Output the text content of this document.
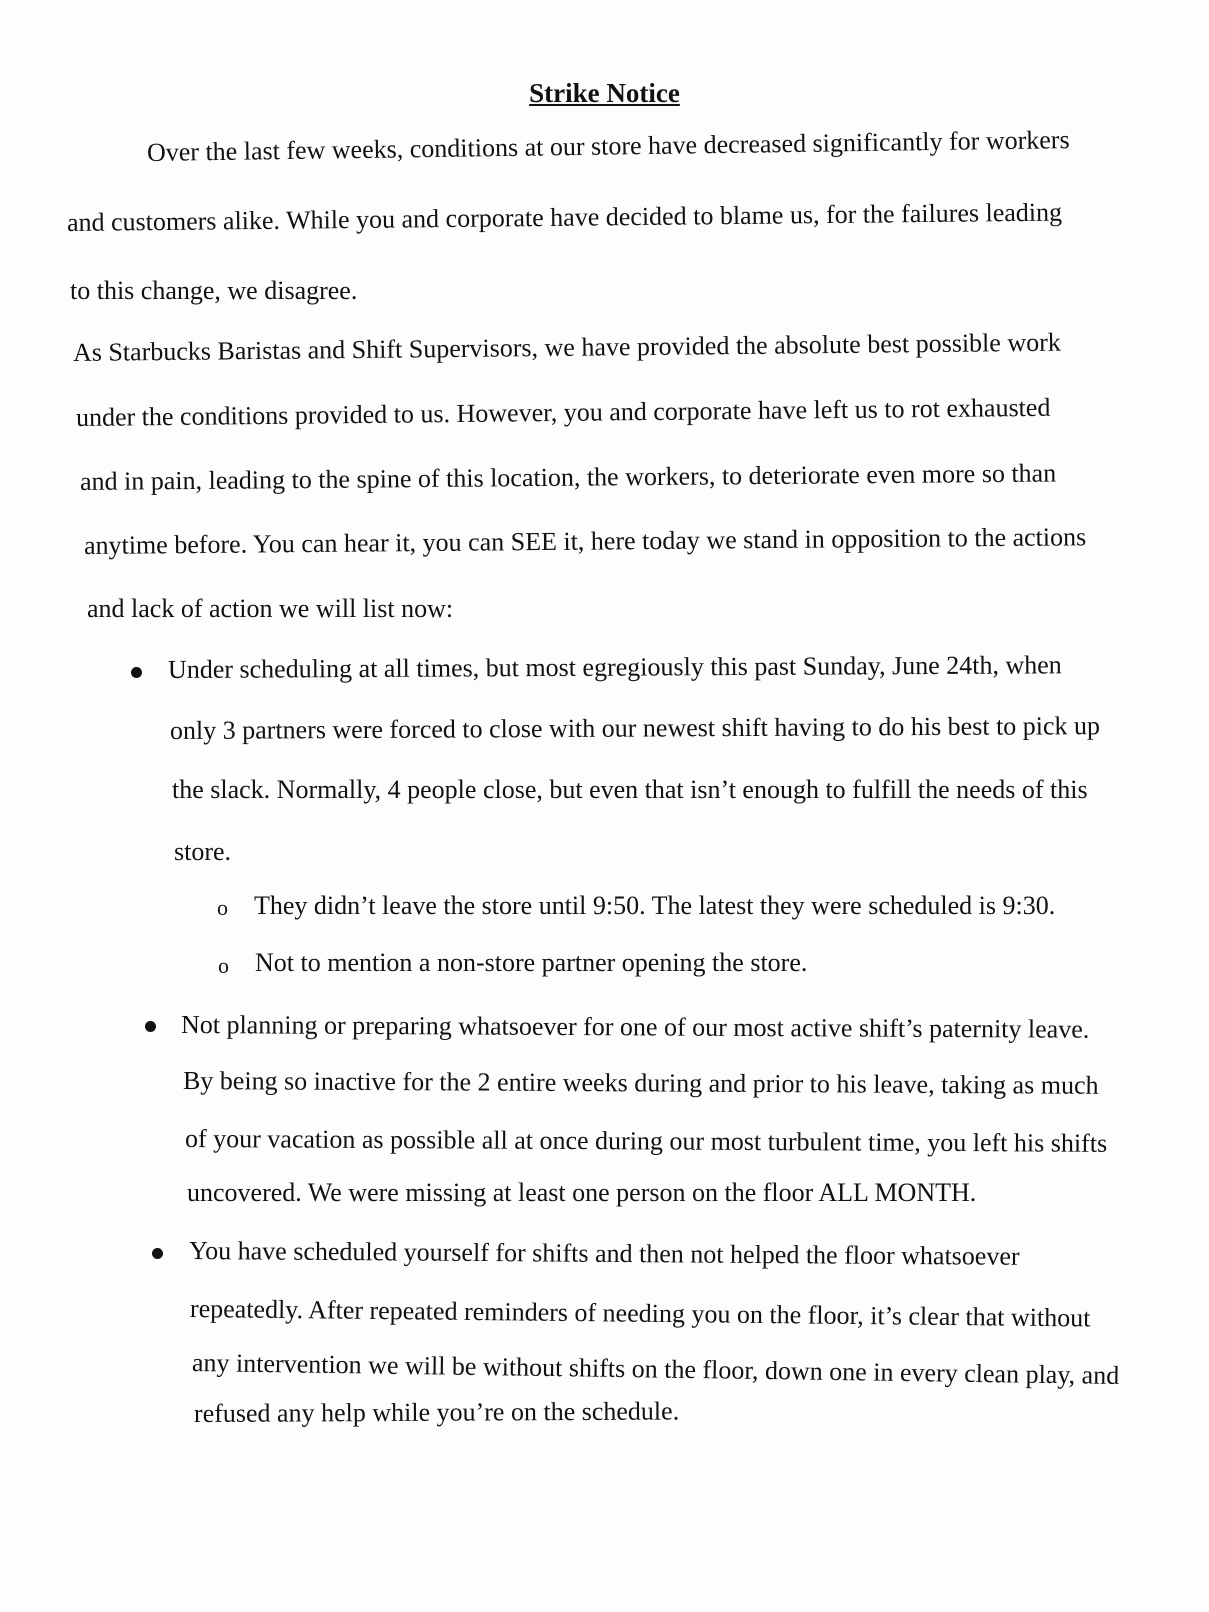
Strike Notice
Over the last few weeks, conditions at our store have decreased significantly for workers
and customers alike. While you and corporate have decided to blame us, for the failures leading
to this change, we disagree.
As Starbucks Baristas and Shift Supervisors, we have provided the absolute best possible work
under the conditions provided to us. However, you and corporate have left us to rot exhausted
and in pain, leading to the spine of this location, the workers, to deteriorate even more so than
anytime before. You can hear it, you can SEE it, here today we stand in opposition to the actions
and lack of action we will list now:
Under scheduling at all times, but most egregiously this past Sunday, June 24th, when
only 3 partners were forced to close with our newest shift having to do his best to pick up
the slack. Normally, 4 people close, but even that isn’t enough to fulfill the needs of this
store.
o They didn’t leave the store until 9:50. The latest they were scheduled is 9:30.
o Not to mention a non-store partner opening the store.
Not planning or preparing whatsoever for one of our most active shift’s paternity leave.
By being so inactive for the 2 entire weeks during and prior to his leave, taking as much
of your vacation as possible all at once during our most turbulent time, you left his shifts
uncovered. We were missing at least one person on the floor ALL MONTH.
You have scheduled yourself for shifts and then not helped the floor whatsoever
repeatedly. After repeated reminders of needing you on the floor, it’s clear that without
any intervention we will be without shifts on the floor, down one in every clean play, and
refused any help while you’re on the schedule.
